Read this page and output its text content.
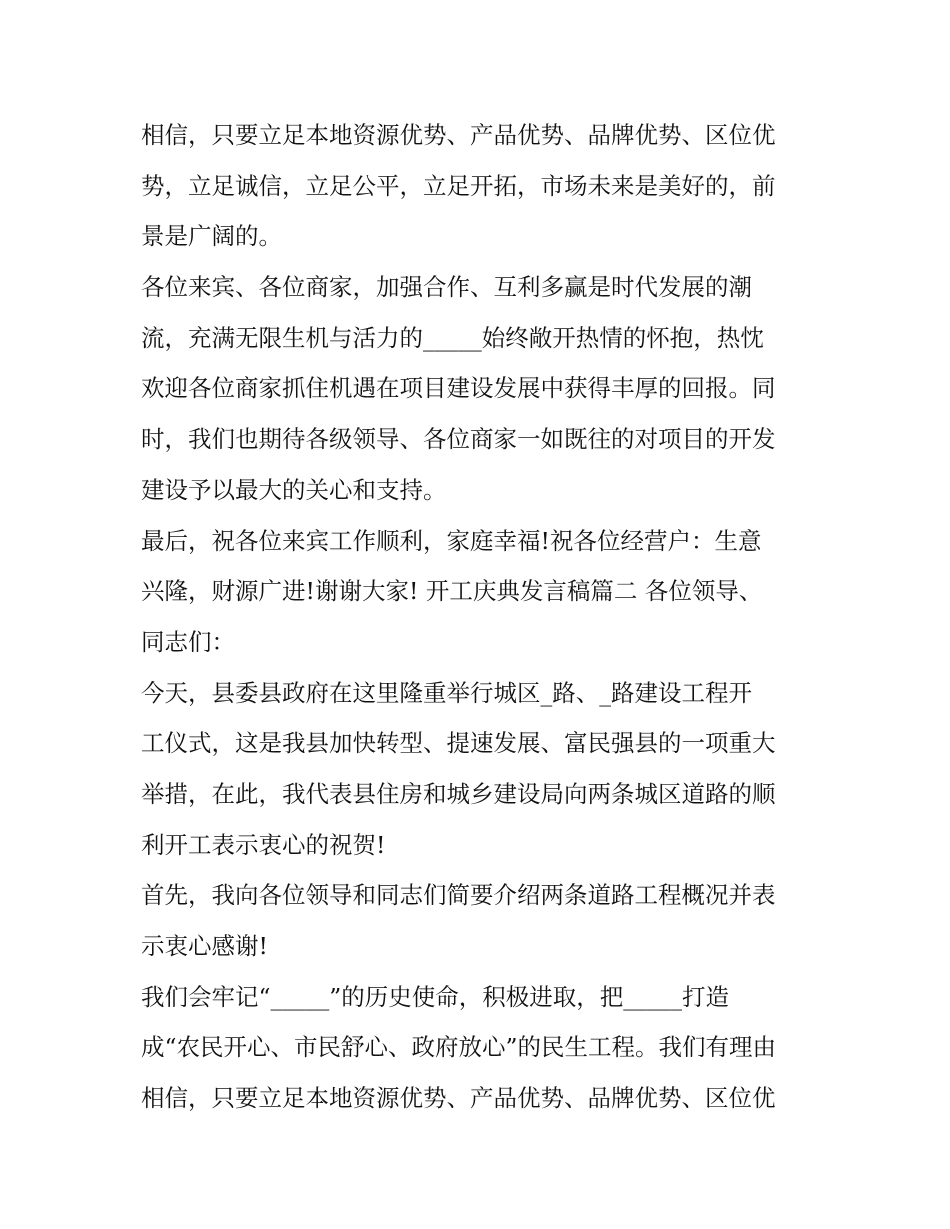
相信，只要立足本地资源优势、产品优势、品牌优势、区位优
势，立足诚信，立足公平，立足开拓，市场未来是美好的，前
景是广阔的。
各位来宾、各位商家，加强合作、互利多赢是时代发展的潮
流，充满无限生机与活力的_____始终敞开热情的怀抱，热忱
欢迎各位商家抓住机遇在项目建设发展中获得丰厚的回报。同
时，我们也期待各级领导、各位商家一如既往的对项目的开发
建设予以最大的关心和支持。
最后，祝各位来宾工作顺利，家庭幸福!祝各位经营户：生意
兴隆，财源广进!谢谢大家! 开工庆典发言稿篇二 各位领导、
同志们：
今天，县委县政府在这里隆重举行城区_路、_路建设工程开
工仪式，这是我县加快转型、提速发展、富民强县的一项重大
举措，在此，我代表县住房和城乡建设局向两条城区道路的顺
利开工表示衷心的祝贺!
首先，我向各位领导和同志们简要介绍两条道路工程概况并表
示衷心感谢!
我们会牢记“_____”的历史使命，积极进取，把_____打造
成“农民开心、市民舒心、政府放心”的民生工程。我们有理由
相信，只要立足本地资源优势、产品优势、品牌优势、区位优
